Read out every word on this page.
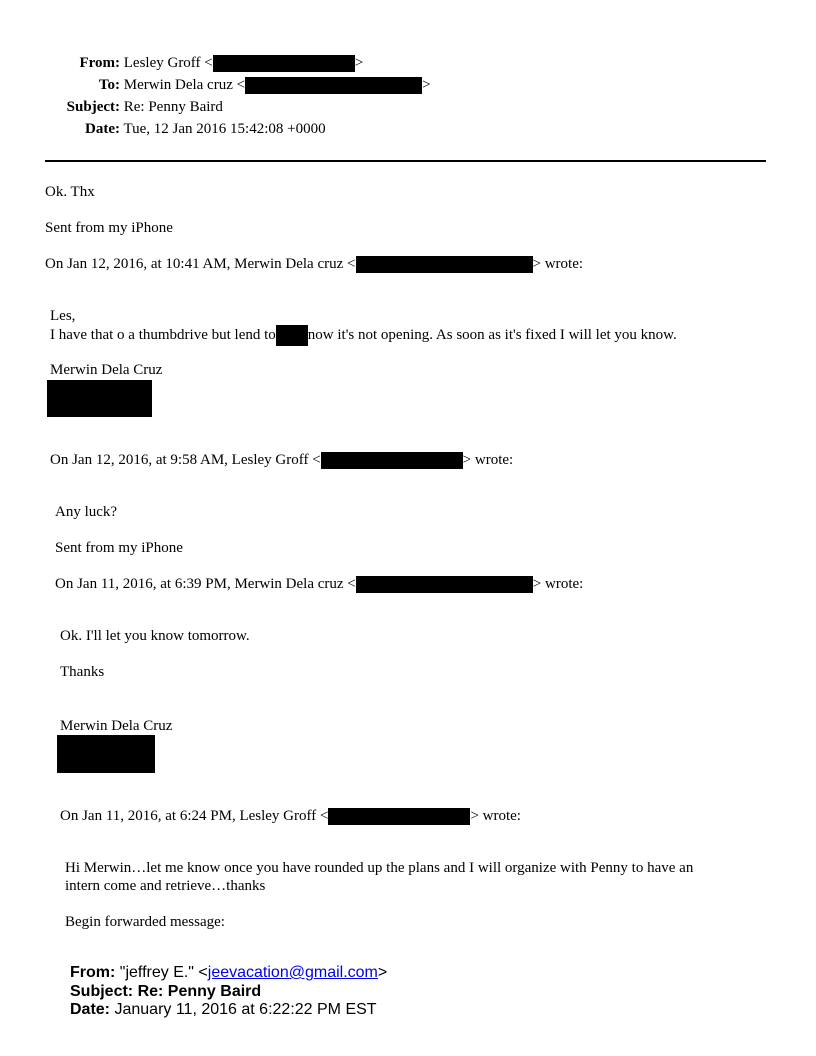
From: Lesley Groff <	>
To: Merwin Dela cruz <	>
Subject: Re: Penny Baird
Date: Tue, 12 Jan 2016 15:42:08 +0000
Ok. Thx
Sent from my iPhone
On Jan 12, 2016, at 10:41 AM, Merwin Dela cruz <	> wrote:
Les,
I have that o a thumbdrive but lend to now it's not opening. As soon as it's fixed I will let you know.
Merwin Dela Cruz
On Jan 12, 2016, at 9:58 AM, Lesley Groff <	> wrote:
Any luck?
Sent from my iPhone
On Jan 11, 2016, at 6:39 PM, Merwin Dela cruz <	> wrote:
Ok. I'll let you know tomorrow.
Thanks
Merwin Dela Cruz
On Jan 11, 2016, at 6:24 PM, Lesley Groff <	> wrote:
Hi Merwin…let me know once you have rounded up the plans and I will organize with Penny to have an
intern come and retrieve…thanks
Begin forwarded message:
From: "jeffrey E." <jeevacation@gmail.com>
Subject: Re: Penny Baird
Date: January 11, 2016 at 6:22:22 PM EST
